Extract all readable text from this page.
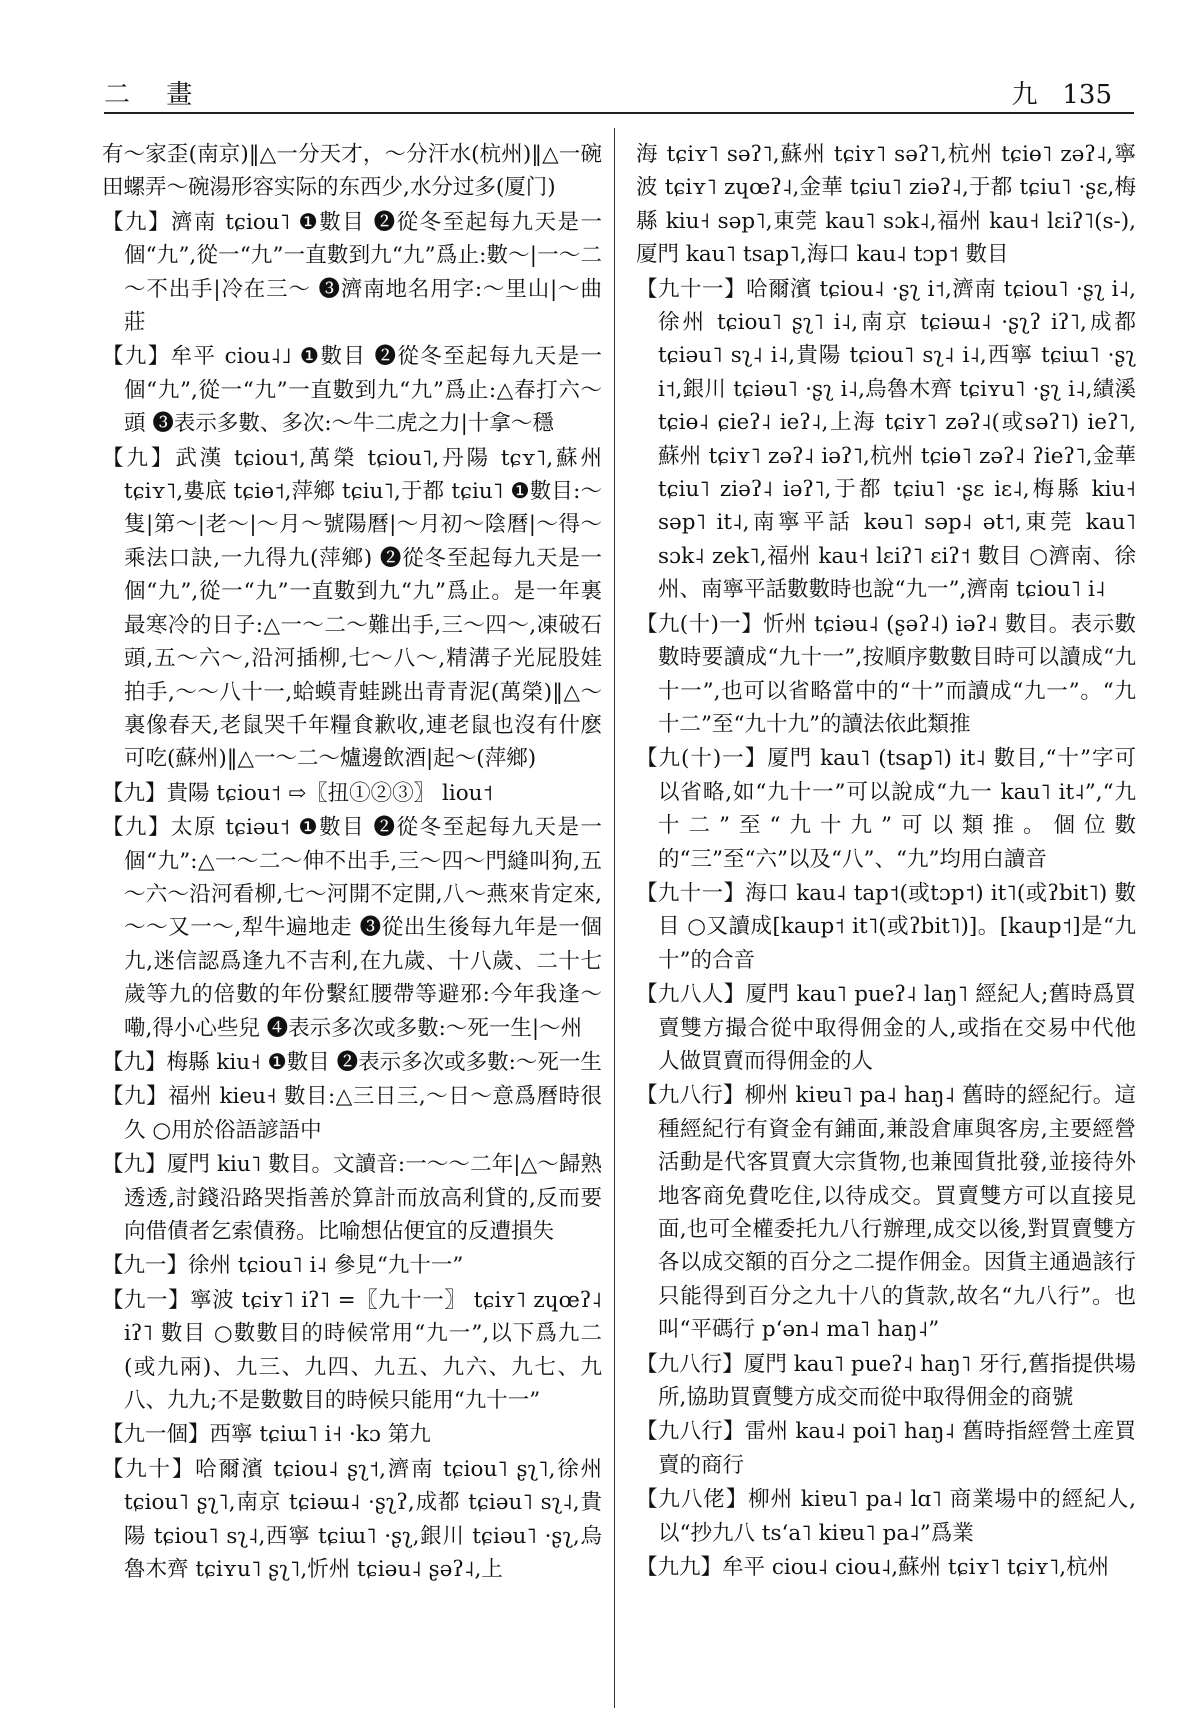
二 畫	九 135

有～家歪(南京)‖△一分天才，～分汗水(杭州)‖△一碗田螺弄～碗湯形容实际的东西少,水分过多(厦门)

【九】濟南 tɕiou˥ ❶數目 ❷從冬至起每九天是一個“九”,從一“九”一直數到九“九”爲止:數～|一～二～不出手|冷在三～ ❸濟南地名用字:～里山|～曲莊

【九】牟平 ciou˨˩ ❶數目 ❷從冬至起每九天是一個“九”,從一“九”一直數到九“九”爲止:△春打六～頭 ❸表示多數、多次:～牛二虎之力|十拿～穩

【九】武漢 tɕiou˦,萬榮 tɕiou˥,丹陽 tɕʏ˥,蘇州 tɕiʏ˥,婁底 tɕiɵ˦,萍鄉 tɕiu˥,于都 tɕiu˥ ❶數目:～隻|第～|老～|～月～號陽曆|～月初～陰曆|～得～乘法口訣,一九得九(萍鄉) ❷從冬至起每九天是一個“九”,從一“九”一直數到九“九”爲止。是一年裏最寒冷的日子:△一～二～難出手,三～四～,凍破石頭,五～六～,沿河插柳,七～八～,精溝子光屁股娃拍手,～～八十一,蛤蟆青蛙跳出青青泥(萬榮)‖△～裏像春天,老鼠哭千年糧食歉收,連老鼠也沒有什麽可吃(蘇州)‖△一～二～爐邊飲酒|起～(萍鄉)

【九】貴陽 tɕiou˦ ⇨〖扭①②③〗 liou˦

【九】太原 tɕiəu˦ ❶數目 ❷從冬至起每九天是一個“九”:△一～二～伸不出手,三～四～門縫叫狗,五～六～沿河看柳,七～河開不定開,八～燕來肯定來,～～又一～,犁牛遍地走 ❸從出生後每九年是一個九,迷信認爲逢九不吉利,在九歲、十八歲、二十七歲等九的倍數的年份繫紅腰帶等避邪:今年我逢～嘞,得小心些兒 ❹表示多次或多數:～死一生|～州

【九】梅縣 kiu˧ ❶數目 ❷表示多次或多數:～死一生

【九】福州 kieu˧ 數目:△三日三,～日～意爲曆時很久 ○用於俗語諺語中

【九】厦門 kiu˥ 數目。文讀音:一～～二年|△～歸熟透透,討錢沿路哭指善於算計而放高利貸的,反而要向借債者乞索債務。比喻想佔便宜的反遭損失

【九一】徐州 tɕiou˥ i˨ 參見“九十一”

【九一】寧波 tɕiʏ˥ iʔ˥ =〖九十一〗 tɕiʏ˥ zɥœʔ˨ iʔ˥ 數目 ○數數目的時候常用“九一”,以下爲九二(或九兩)、九三、九四、九五、九六、九七、九八、九九;不是數數目的時候只能用“九十一”

【九一個】西寧 tɕiɯ˥ i˧ ·kɔ 第九

【九十】哈爾濱 tɕiou˨ ʂʅ˦,濟南 tɕiou˥ ʂʅ˥,徐州 tɕiou˥ ʂʅ˥,南京 tɕiəɯ˨ ·ʂʅʔ,成都 tɕiəu˥ sʅ˨,貴陽 tɕiou˥ sʅ˨,西寧 tɕiɯ˥ ·ʂʅ,銀川 tɕiəu˥ ·ʂʅ,烏魯木齊 tɕiʏu˥ ʂʅ˥,忻州 tɕiəu˨ ʂəʔ˨,上

海 tɕiʏ˥ səʔ˥,蘇州 tɕiʏ˥ səʔ˥,杭州 tɕiɵ˥ zəʔ˨,寧波 tɕiʏ˥ zɥœʔ˨,金華 tɕiu˥ ziəʔ˨,于都 tɕiu˥ ·ʂɛ,梅縣 kiu˧ səp˥,東莞 kau˥ sɔk˨,福州 kau˧ lɛiʔ˥(s-),厦門 kau˥ tsap˥,海口 kau˨ tɔp˦ 數目

【九十一】哈爾濱 tɕiou˨ ·ʂʅ i˦,濟南 tɕiou˥ ·ʂʅ i˨,徐州 tɕiou˥ ʂʅ˥ i˨,南京 tɕiəɯ˨ ·ʂʅʔ iʔ˥,成都 tɕiəu˥ sʅ˨ i˨,貴陽 tɕiou˥ sʅ˨ i˨,西寧 tɕiɯ˥ ·ʂʅ i˦,銀川 tɕiəu˥ ·ʂʅ i˨,烏魯木齊 tɕiʏu˥ ·ʂʅ i˨,績溪 tɕiɵ˨ ɕieʔ˨ ieʔ˨,上海 tɕiʏ˥ zəʔ˨(或səʔ˥) ieʔ˥,蘇州 tɕiʏ˥ zəʔ˨ iəʔ˥,杭州 tɕiɵ˥ zəʔ˨ ʔieʔ˥,金華 tɕiu˥ ziəʔ˨ iəʔ˥,于都 tɕiu˥ ·ʂɛ iɛ˨,梅縣 kiu˧ səp˥ it˨,南寧平話 kəu˥ səp˨ ət˦,東莞 kau˥ sɔk˨ zek˥,福州 kau˧ lɛiʔ˥ ɛiʔ˦ 數目 ○濟南、徐州、南寧平話數數時也說“九一”,濟南 tɕiou˥ i˨

【九(十)一】忻州 tɕiəu˨ (ʂəʔ˨) iəʔ˨ 數目。表示數數時要讀成“九十一”,按順序數數目時可以讀成“九十一”,也可以省略當中的“十”而讀成“九一”。“九十二”至“九十九”的讀法依此類推

【九(十)一】厦門 kau˥ (tsap˥) it˨ 數目,“十”字可以省略,如“九十一”可以說成“九一 kau˥ it˨”,“九十二”至“九十九”可以類推。個位數的“三”至“六”以及“八”、“九”均用白讀音

【九十一】海口 kau˨ tap˦(或tɔp˦) it˥(或ʔbit˥) 數目 ○又讀成[kaup˦ it˥(或ʔbit˥)]。[kaup˦]是“九十”的合音

【九八人】厦門 kau˥ pueʔ˨ laŋ˥ 經紀人;舊時爲買賣雙方撮合從中取得佣金的人,或指在交易中代他人做買賣而得佣金的人

【九八行】柳州 kiɐu˥ pa˨ haŋ˨ 舊時的經紀行。這種經紀行有資金有鋪面,兼設倉庫與客房,主要經營活動是代客買賣大宗貨物,也兼囤貨批發,並接待外地客商免費吃住,以待成交。買賣雙方可以直接見面,也可全權委托九八行辦理,成交以後,對買賣雙方各以成交額的百分之二提作佣金。因貨主通過該行只能得到百分之九十八的貨款,故名“九八行”。也叫“平碼行 pʻən˨ ma˥ haŋ˨”

【九八行】厦門 kau˥ pueʔ˨ haŋ˥ 牙行,舊指提供場所,協助買賣雙方成交而從中取得佣金的商號

【九八行】雷州 kau˨ poi˥ haŋ˨ 舊時指經營土産買賣的商行

【九八佬】柳州 kiɐu˥ pa˨ lɑ˥ 商業場中的經紀人,以“抄九八 tsʻa˥ kiɐu˥ pa˨”爲業

【九九】牟平 ciou˨ ciou˨,蘇州 tɕiʏ˥ tɕiʏ˥,杭州
